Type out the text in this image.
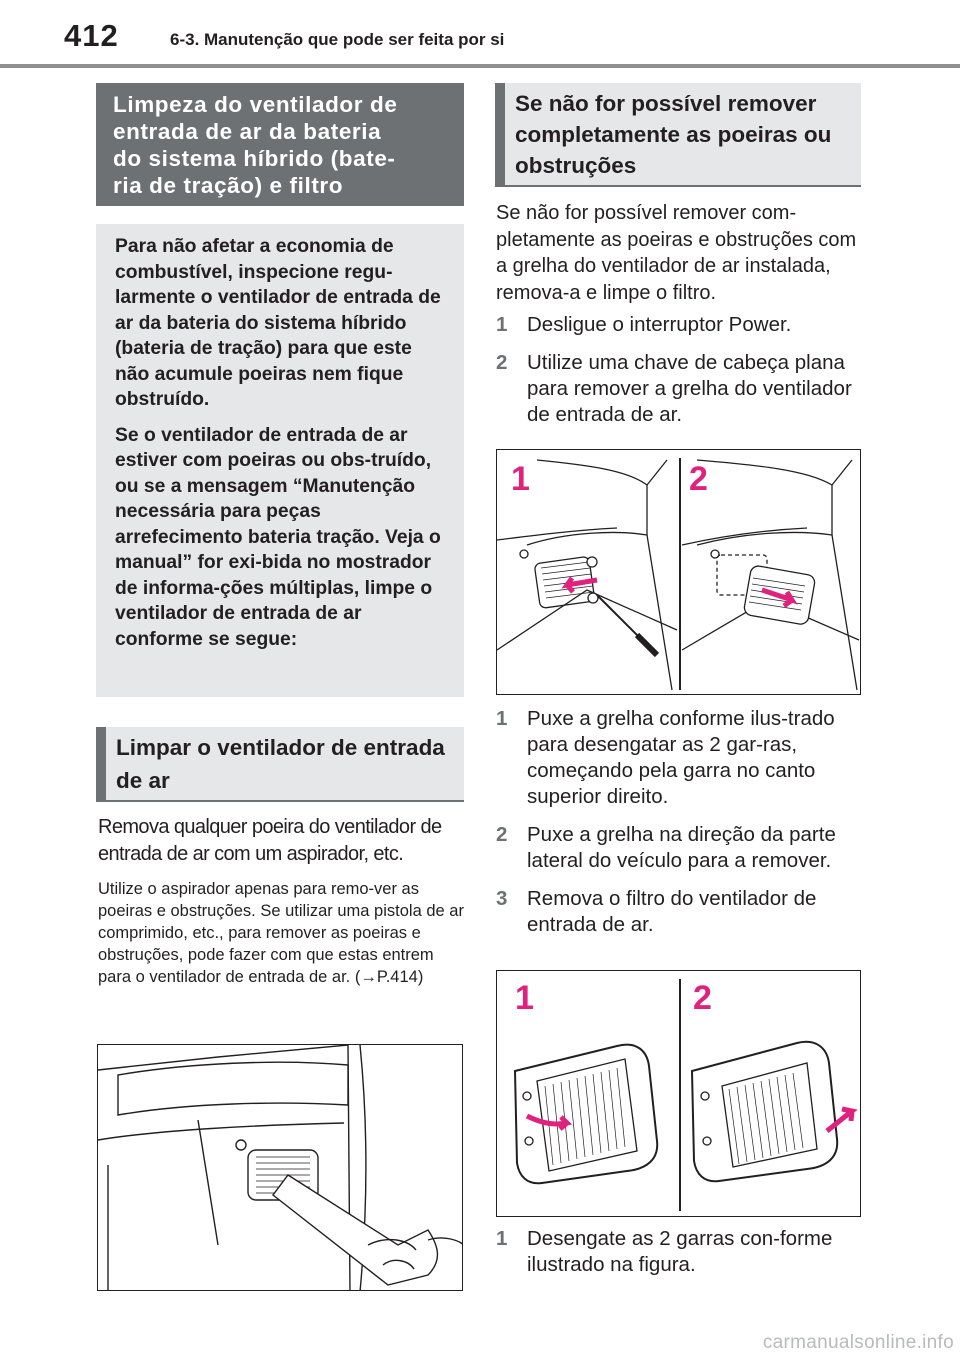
412	6-3. Manutenção que pode ser feita por si
Limpeza do ventilador de
entrada de ar da bateria
do sistema híbrido (bate-
ria de tração) e filtro

Para não afetar a economia de combustível, inspecione regu-larmente o ventilador de entrada de ar da bateria do sistema híbrido (bateria de tração) para que este não acumule poeiras nem fique obstruído.

Se o ventilador de entrada de ar estiver com poeiras ou obs-truído, ou se a mensagem “Manutenção necessária para peças arrefecimento bateria tração. Veja o manual” for exi-bida no mostrador de informa-ções múltiplas, limpe o ventilador de entrada de ar conforme se segue:

Limpar o ventilador de entrada de ar
Remova qualquer poeira do ventilador de entrada de ar com um aspirador, etc.
Utilize o aspirador apenas para remo-ver as poeiras e obstruções. Se utilizar uma pistola de ar comprimido, etc., para remover as poeiras e obstruções, pode fazer com que estas entrem para o ventilador de entrada de ar. (→P.414)
Se não for possível remover completamente as poeiras ou obstruções
Se não for possível remover com-pletamente as poeiras e obstruções com a grelha do ventilador de ar instalada, remova-a e limpe o filtro.
1 Desligue o interruptor Power.
2 Utilize uma chave de cabeça plana para remover a grelha do ventilador de entrada de ar.
1	2
1 Puxe a grelha conforme ilus-trado para desengatar as 2 gar-ras, começando pela garra no canto superior direito.
2 Puxe a grelha na direção da parte lateral do veículo para a remover.
3 Remova o filtro do ventilador de entrada de ar.
1	2
1 Desengate as 2 garras con-forme ilustrado na figura.
carmanualsonline.info
